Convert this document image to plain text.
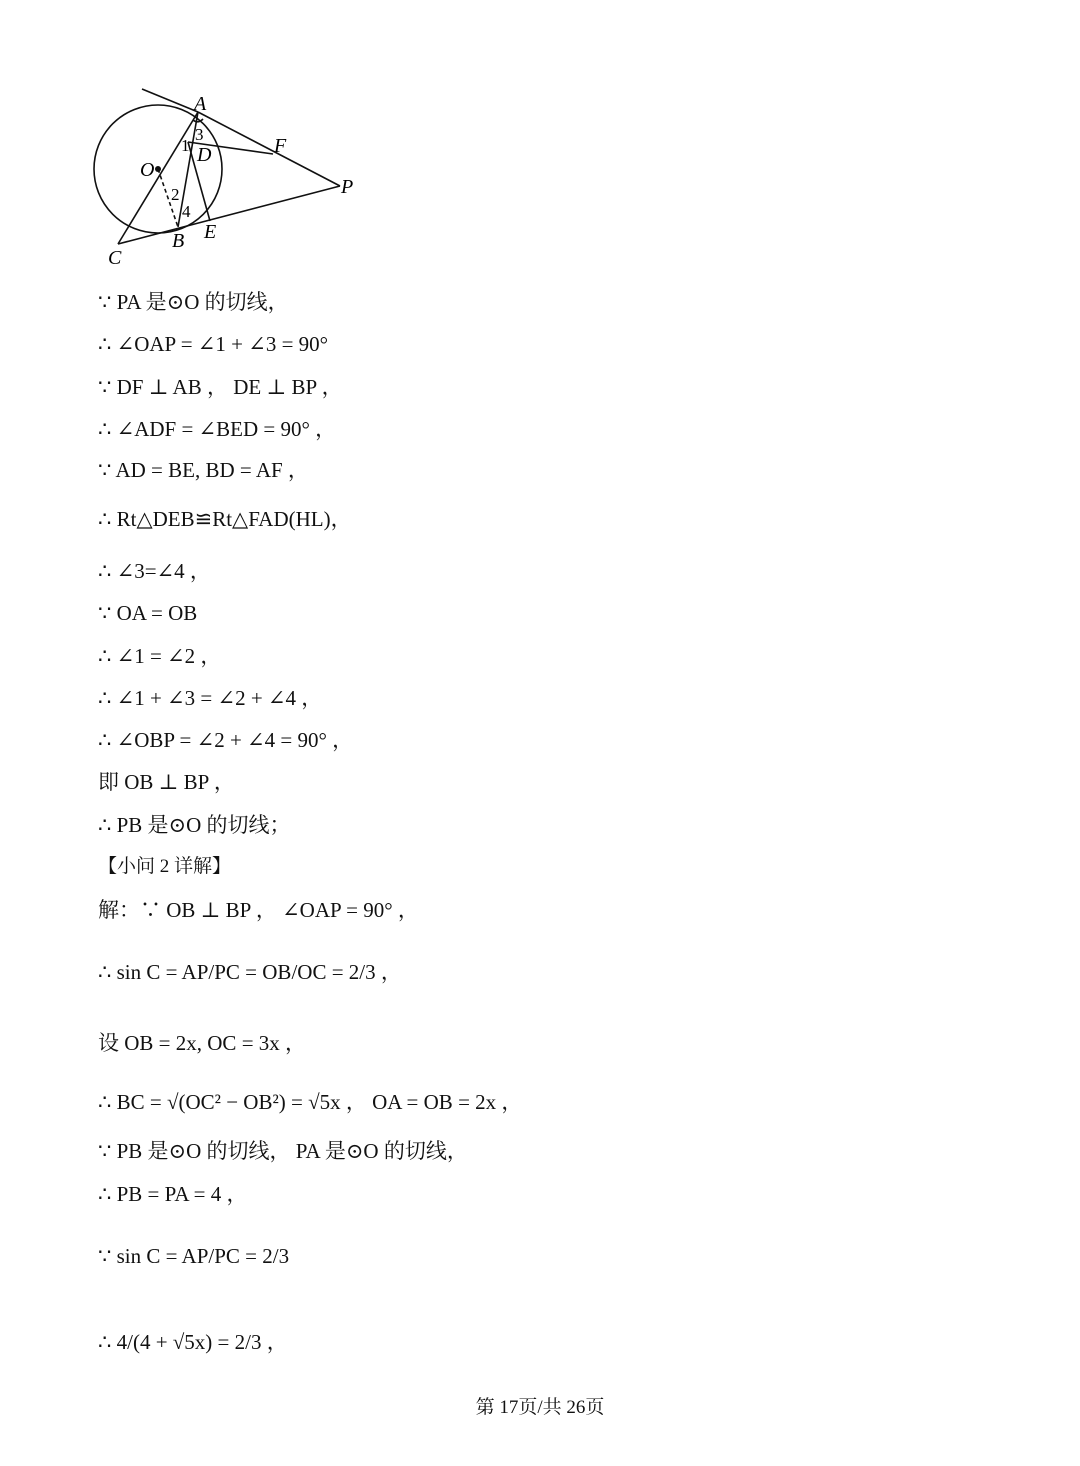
A
O
F
D
P
B E
C
1
2
3
4
∵ PA 是⊙O 的切线，
∴ ∠OAP = ∠1 + ∠3 = 90°
∵ DF ⊥ AB ， DE ⊥ BP ，
∴ ∠ADF = ∠BED = 90° ，
∵ AD = BE, BD = AF ，
∴ Rt△DEB≌Rt△FAD(HL)，
∴ ∠3=∠4 ，
∵ OA = OB
∴ ∠1 = ∠2 ，
∴ ∠1 + ∠3 = ∠2 + ∠4 ，
∴ ∠OBP = ∠2 + ∠4 = 90° ，
即 OB ⊥ BP ，
∴ PB 是⊙O 的切线；
【小问 2 详解】
解：∵ OB ⊥ BP ， ∠OAP = 90° ，
∴ sin C = AP/PC = OB/OC = 2/3 ，
设 OB = 2x, OC = 3x ，
∴ BC = √(OC² − OB²) = √5x ， OA = OB = 2x ，
∵ PB 是⊙O 的切线， PA 是⊙O 的切线，
∴ PB = PA = 4 ，
∵ sin C = AP/PC = 2/3
∴ 4/(4 + √5x) = 2/3 ，
第 17页/共 26页
